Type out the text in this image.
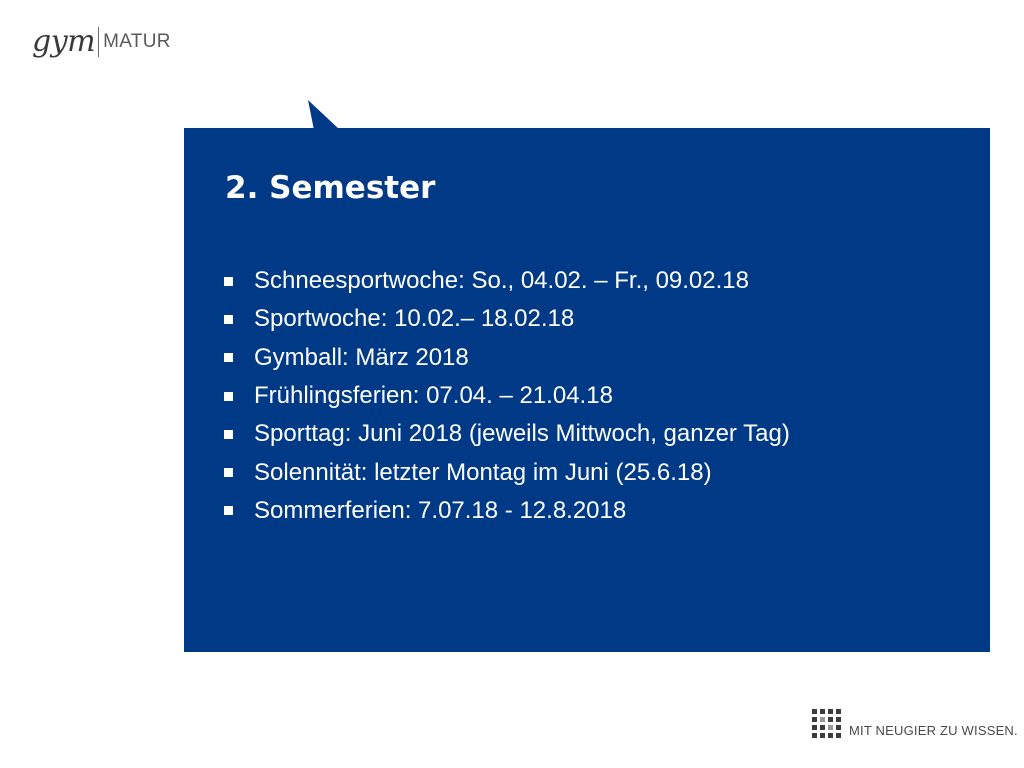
gym MATUR
2. Semester
Schneesportwoche: So., 04.02. – Fr., 09.02.18
Sportwoche: 10.02.– 18.02.18
Gymball: März 2018
Frühlingsferien: 07.04. – 21.04.18
Sporttag: Juni 2018 (jeweils Mittwoch, ganzer Tag)
Solennität: letzter Montag im Juni (25.6.18)
Sommerferien: 7.07.18 - 12.8.2018
MIT NEUGIER ZU WISSEN.
